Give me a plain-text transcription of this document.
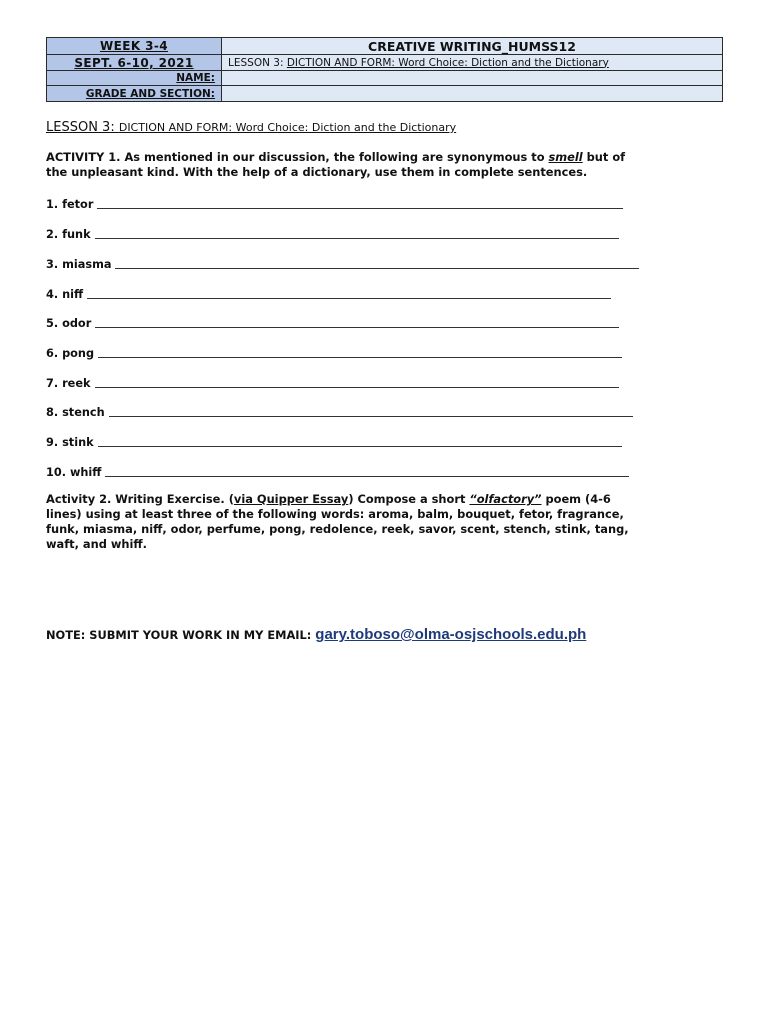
WEEK 3-4	CREATIVE WRITING_HUMSS12
SEPT. 6-10, 2021	LESSON 3: DICTION AND FORM: Word Choice: Diction and the Dictionary
NAME:	
GRADE AND SECTION:	
LESSON 3: DICTION AND FORM: Word Choice: Diction and the Dictionary
ACTIVITY 1. As mentioned in our discussion, the following are synonymous to smell but of the unpleasant kind. With the help of a dictionary, use them in complete sentences.
1. fetor
2. funk
3. miasma
4. niff
5. odor
6. pong
7. reek
8. stench
9. stink
10. whiff
Activity 2. Writing Exercise. (via Quipper Essay) Compose a short “olfactory” poem (4-6 lines) using at least three of the following words: aroma, balm, bouquet, fetor, fragrance, funk, miasma, niff, odor, perfume, pong, redolence, reek, savor, scent, stench, stink, tang, waft, and whiff.
NOTE: SUBMIT YOUR WORK IN MY EMAIL: gary.toboso@olma-osjschools.edu.ph
